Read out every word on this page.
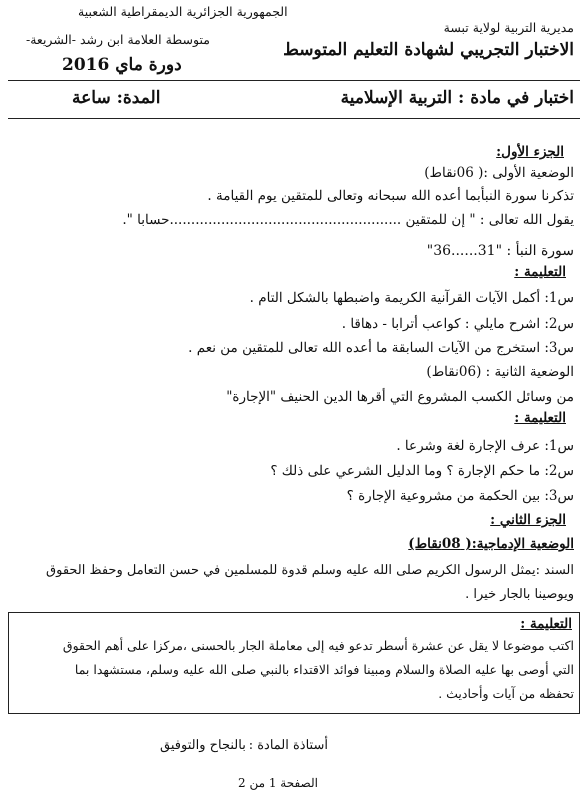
الجمهورية الجزائرية الديمقراطية الشعبية
مديرية التربية لولاية تبسة
متوسطة العلامة ابن رشد -الشريعة-
الاختبار التجريبي لشهادة التعليم المتوسط
دورة ماي 2016
اختبار في مادة : التربية الإسلامية
المدة: ساعة
الجزء الأول:
الوضعية الأولى :( 06نقاط)
تذكرنا سورة النبأبما أعده الله سبحانه وتعالى للمتقين يوم القيامة .
يقول الله تعالى : " إن للمتقين ......................................................حسابا ".
سورة النبأ : "31......36"
التعليمة :
س1: أكمل الآيات القرآنية الكريمة واضبطها بالشكل التام .
س2: اشرح مايلي : كواعب أترابا - دهاقا .
س3: استخرج من الآيات السابقة ما أعده الله تعالى للمتقين من نعم .
الوضعية الثانية : (06نقاط)
من وسائل الكسب المشروع التي أقرها الدين الحنيف "الإجارة"
التعليمة :
س1: عرف الإجارة لغة وشرعا .
س2: ما حكم الإجارة ؟ وما الدليل الشرعي على ذلك ؟
س3: بين الحكمة من مشروعية الإجارة ؟
الجزء الثاني :
الوضعية الإدماجية:( 08نقاط)
السند :يمثل الرسول الكريم صلى الله عليه وسلم قدوة للمسلمين في حسن التعامل وحفظ الحقوق
ويوصينا بالجار خيرا .
التعليمة :
اكتب موضوعا لا يقل عن عشرة أسطر تدعو فيه إلى معاملة الجار بالحسنى ،مركزا على أهم الحقوق
التي أوصى بها عليه الصلاة والسلام ومبينا فوائد الاقتداء بالنبي صلى الله عليه وسلم، مستشهدا بما
تحفظه من آيات وأحاديث .
أستاذة المادة :
بالنجاح والتوفيق
الصفحة 1 من 2
